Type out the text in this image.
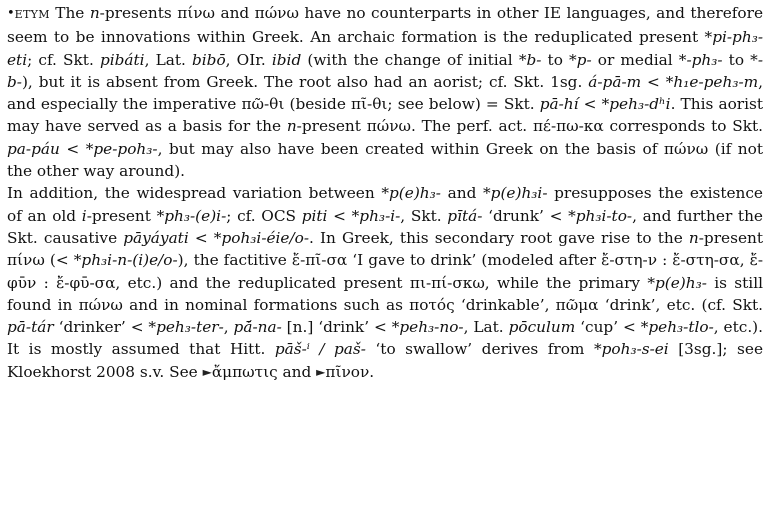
•etym The n-presents πίνω and πώνω have no counterparts in other IE languages, and therefore seem to be innovations within Greek. An archaic formation is the reduplicated present *pi-ph₃-eti; cf. Skt. pibáti, Lat. bibō, OIr. ibid (with the change of initial *b- to *p- or medial *-ph₃- to *-b-), but it is absent from Greek. The root also had an aorist; cf. Skt. 1sg. á-pā-m < *h₁e-peh₃-m, and especially the imperative πῶ-θι (beside πῖ-θι; see below) = Skt. pā-hí < *peh₃-dʰi. This aorist may have served as a basis for the n-present πώνω. The perf. act. πέ-πω-κα corresponds to Skt. pa-páu < *pe-poh₃-, but may also have been created within Greek on the basis of πώνω (if not the other way around).

In addition, the widespread variation between *p(e)h₃- and *p(e)h₃i- presupposes the existence of an old i-present *ph₃-(e)i-; cf. OCS piti < *ph₃-i-, Skt. pītá- ‘drunk’ < *ph₃i-to-, and further the Skt. causative pāyáyati < *poh₃i-éie/o-. In Greek, this secondary root gave rise to the n-present πίνω (< *ph₃i-n-(i)e/o-), the factitive ἔ-πῖ-σα ‘I gave to drink’ (modeled after ἔ-στη-ν : ἔ-στη-σα, ἔ-φῡν : ἔ-φῡ-σα, etc.) and the reduplicated present πι-πί-σκω, while the primary *p(e)h₃- is still found in πώνω and in nominal formations such as ποτός ‘drinkable’, πῶμα ‘drink’, etc. (cf. Skt. pā-tár ‘drinker’ < *peh₃-ter-, pā́-na- [n.] ‘drink’ < *peh₃-no-, Lat. pōculum ‘cup’ < *peh₃-tlo-, etc.). It is mostly assumed that Hitt. pāš-ⁱ / paš- ‘to swallow’ derives from *poh₃-s-ei [3sg.]; see Kloekhorst 2008 s.v. See ►ἄμπωτις and ►πῖνον.
